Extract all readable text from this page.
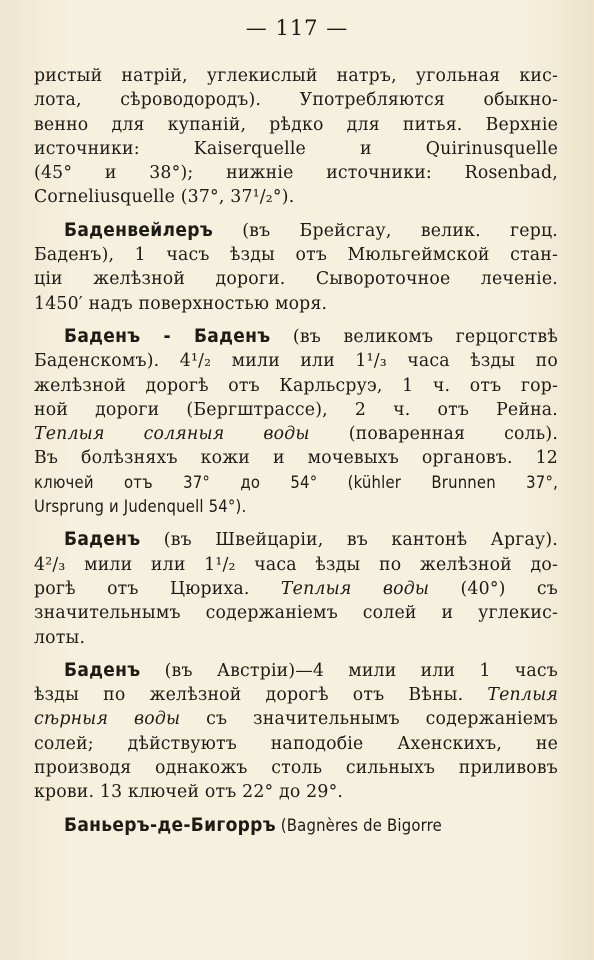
— 117 —
ристый натрій, углекислый натръ, угольная кис-
лота, сѣроводородъ). Употребляются обыкно-
венно для купаній, рѣдко для питья. Верхніе
источники: Kaiserquelle и Quirinusquelle
(45° и 38°); нижніе источники: Rosenbad,
Corneliusquelle (37°, 37¹/₂°).
Баденвейлеръ (въ Брейсгау, велик. герц.
Баденъ), 1 часъ ѣзды отъ Мюльгеймской стан-
ціи желѣзной дороги. Сывороточное леченіе.
1450′ надъ поверхностью моря.
Баденъ - Баденъ (въ великомъ герцогствѣ
Баденскомъ). 4¹/₂ мили или 1¹/₃ часа ѣзды по
желѣзной дорогѣ отъ Карльсруэ, 1 ч. отъ гор-
ной дороги (Бергштрассе), 2 ч. отъ Рейна.
Теплыя соляныя воды (поваренная соль).
Въ болѣзняхъ кожи и мочевыхъ органовъ. 12
ключей отъ 37° до 54° (kühler Brunnen 37°,
Ursprung и Judenquell 54°).
Баденъ (въ Швейцаріи, въ кантонѣ Аргау).
4²/₃ мили или 1¹/₂ часа ѣзды по желѣзной до-
рогѣ отъ Цюриха. Теплыя воды (40°) съ
значительнымъ содержаніемъ солей и углекис-
лоты.
Баденъ (въ Австріи)—4 мили или 1 часъ
ѣзды по желѣзной дорогѣ отъ Вѣны. Теплыя
сѣрныя воды съ значительнымъ содержаніемъ
солей; дѣйствуютъ наподобіе Ахенскихъ, не
производя однакожъ столь сильныхъ приливовъ
крови. 13 ключей отъ 22° до 29°.
Баньеръ-де-Бигорръ (Bagnères de Bigorre
